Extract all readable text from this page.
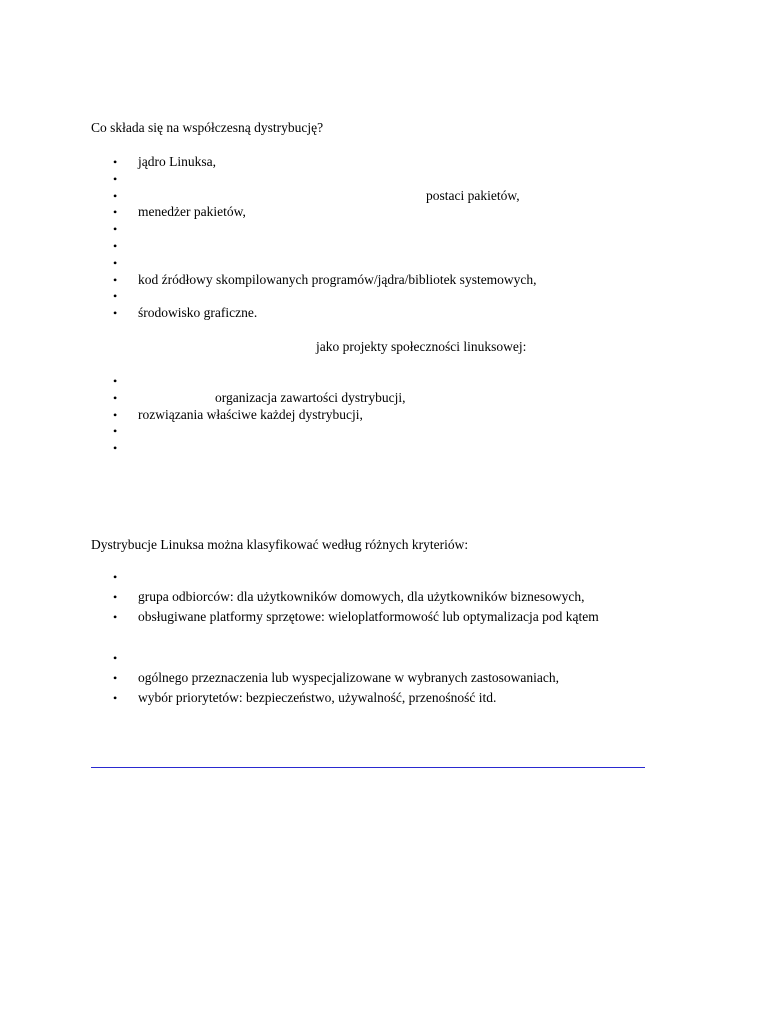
Co składa się na współczesną dystrybucję?

• jądro Linuksa,
•
•	postaci pakietów,
• menedżer pakietów,
•
•
•
• kod źródłowy skompilowanych programów/jądra/bibliotek systemowych,
•
• środowisko graficzne.

jako projekty społeczności linuksowej:

•
•	organizacja zawartości dystrybucji,
• rozwiązania właściwe każdej dystrybucji,
•
•

Dystrybucje Linuksa można klasyfikować według różnych kryteriów:

•
• grupa odbiorców: dla użytkowników domowych, dla użytkowników biznesowych,
• obsługiwane platformy sprzętowe: wieloplatformowość lub optymalizacja pod kątem
•
• ogólnego przeznaczenia lub wyspecjalizowane w wybranych zastosowaniach,
• wybór priorytetów: bezpieczeństwo, używalność, przenośność itd.
